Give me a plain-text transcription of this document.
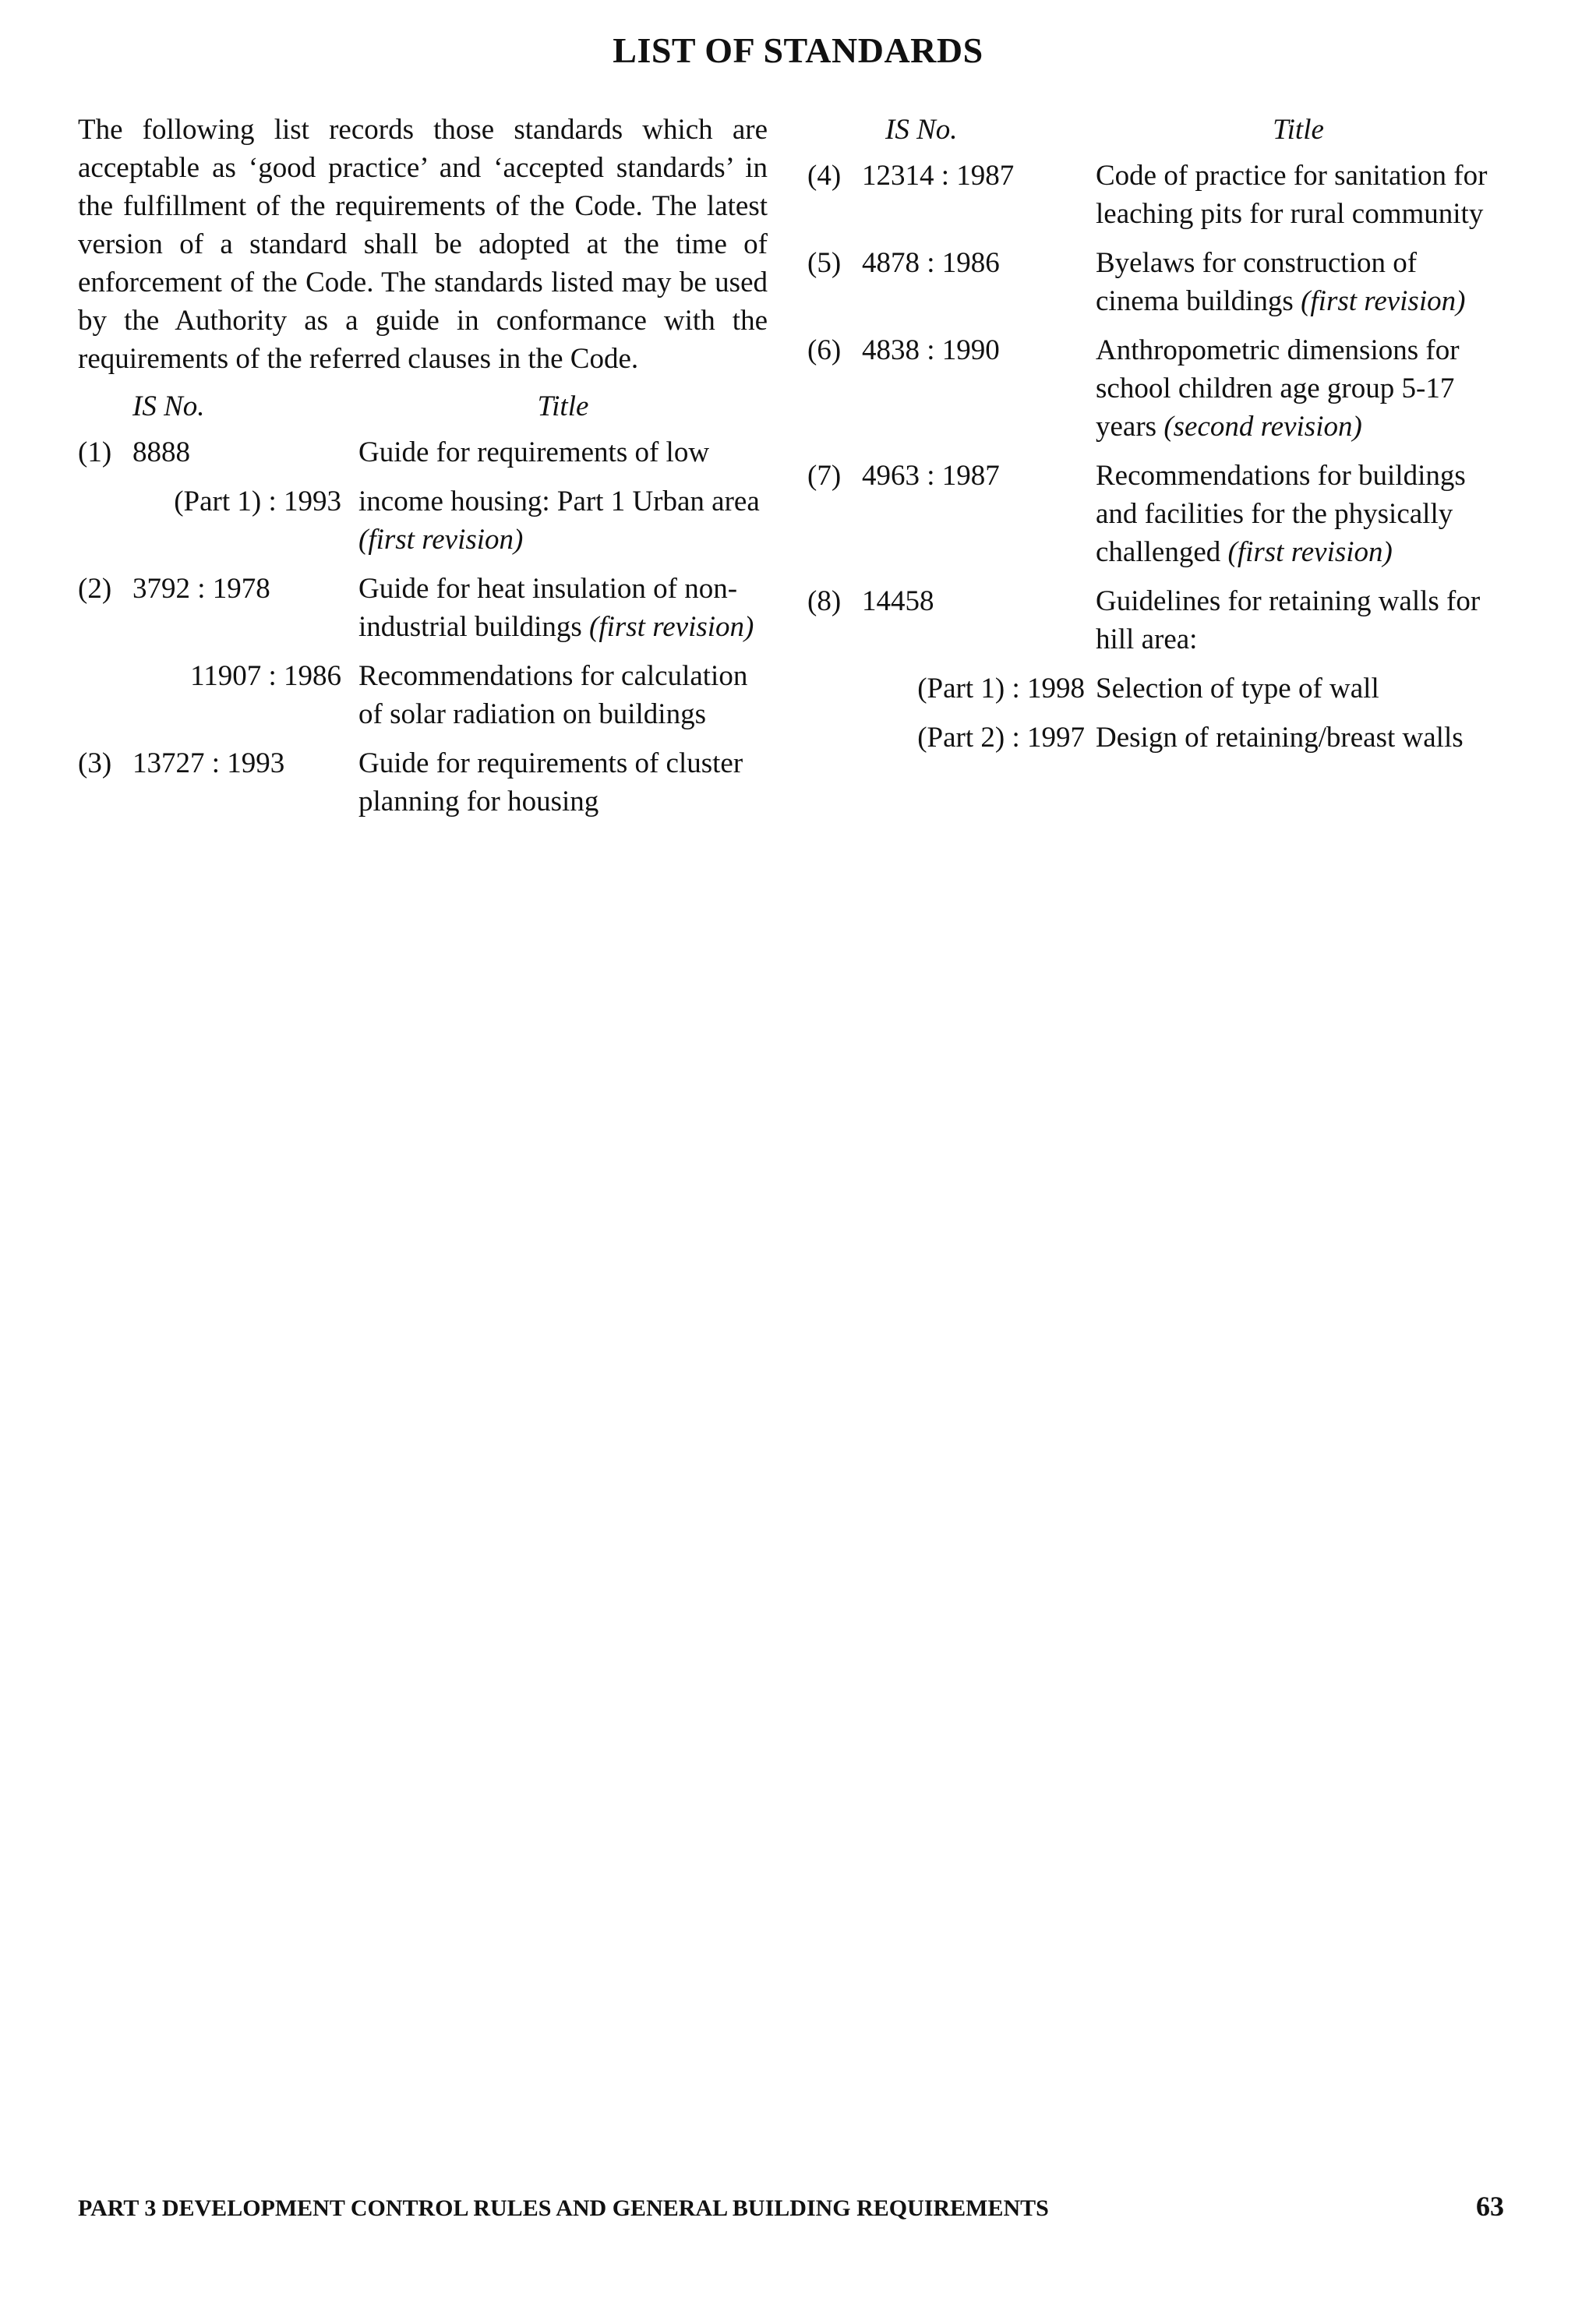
LIST OF STANDARDS

The following list records those standards which are acceptable as ‘good practice’ and ‘accepted standards’ in the fulfillment of the requirements of the Code. The latest version of a standard shall be adopted at the time of enforcement of the Code. The standards listed may be used by the Authority as a guide in conformance with the requirements of the referred clauses in the Code.

IS No.	Title
(1) 8888	Guide for requirements of low
(Part 1) : 1993 income housing: Part 1 Urban area (first revision)
(2) 3792 : 1978	Guide for heat insulation of non-industrial buildings (first revision)
11907 : 1986 Recommendations for calculation of solar radiation on buildings
(3) 13727 : 1993	Guide for requirements of cluster planning for housing
IS No.	Title
(4) 12314 : 1987	Code of practice for sanitation for leaching pits for rural community
(5) 4878 : 1986	Byelaws for construction of cinema buildings (first revision)
(6) 4838 : 1990	Anthropometric dimensions for school children age group 5-17 years (second revision)
(7) 4963 : 1987	Recommendations for buildings and facilities for the physically challenged (first revision)
(8) 14458	Guidelines for retaining walls for hill area:
(Part 1) : 1998 Selection of type of wall
(Part 2) : 1997 Design of retaining/breast walls
PART 3 DEVELOPMENT CONTROL RULES AND GENERAL BUILDING REQUIREMENTS	63
